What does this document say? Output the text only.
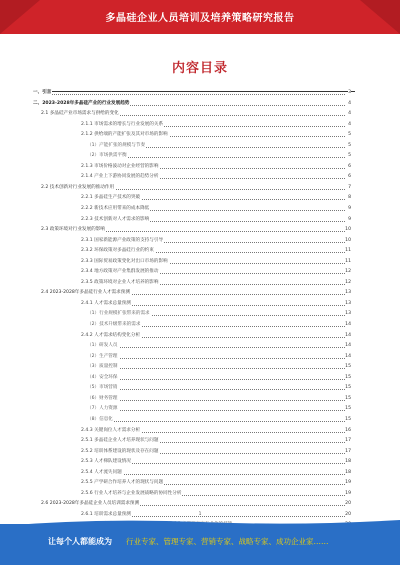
多晶硅企业人员培训及培养策略研究报告
内容目录
一、引言	3
二、2023-2028年多晶硅产业的行业发展趋势	4
2.1 多晶硅产业市场需求与供给的变化	4
2.1.1 市场需求的增长与行业发展的关系	4
2.1.2 供给端的产能扩张及其对市场的影响	5
（1）产能扩张的规模与节奏	5
（2）市场供需平衡	5
2.1.3 市场价格波动对企业经营的影响	6
2.1.4 产业上下游协同发展的趋势分析	6
2.2 技术创新对行业发展的推动作用	7
2.2.1 多晶硅生产技术的突破	8
2.2.2 新技术应用带来的成本降低	9
2.2.3 技术创新对人才需求的影响	9
2.3 政策环境对行业发展的影响	10
2.3.1 国家新能源产业政策的支持与引导	10
2.3.2 环保政策对多晶硅行业的约束	11
2.3.3 国际贸易政策变化对出口市场的影响	11
2.3.4 地方政策对产业集群发展的推动	12
2.3.5 政策环境对企业人才培养的影响	12
2.4 2023-2028年多晶硅行业人才需求预测	13
2.4.1 人才需求总量预测	13
（1）行业规模扩张带来的需求	13
（2）技术升级带来的需求	14
2.4.2 人才需求结构变化分析	14
（1）研发人员	14
（2）生产管理	14
（3）质量控制	15
（4）安全环保	15
（5）市场营销	15
（6）财务管理	15
（7）人力资源	15
（8）信息化	15
2.4.3 关键岗位人才需求分析	16
2.5.1 多晶硅企业人才培养现状与问题	17
2.5.2 培训体系建设的现状及存在问题	17
2.5.3 人才梯队建设情况	18
2.5.4 人才流失问题	18
2.5.5 产学研合作培养人才的现状与问题	19
2.5.6 行业人才培养与企业发展战略的协同性分析	19
2.6 2023-2028年多晶硅企业人员培训需求预测	20
2.6.1 培训需求总量预测	20
1
让每个人都能成为 行业专家、管理专家、营销专家、战略专家、成功企业家……
